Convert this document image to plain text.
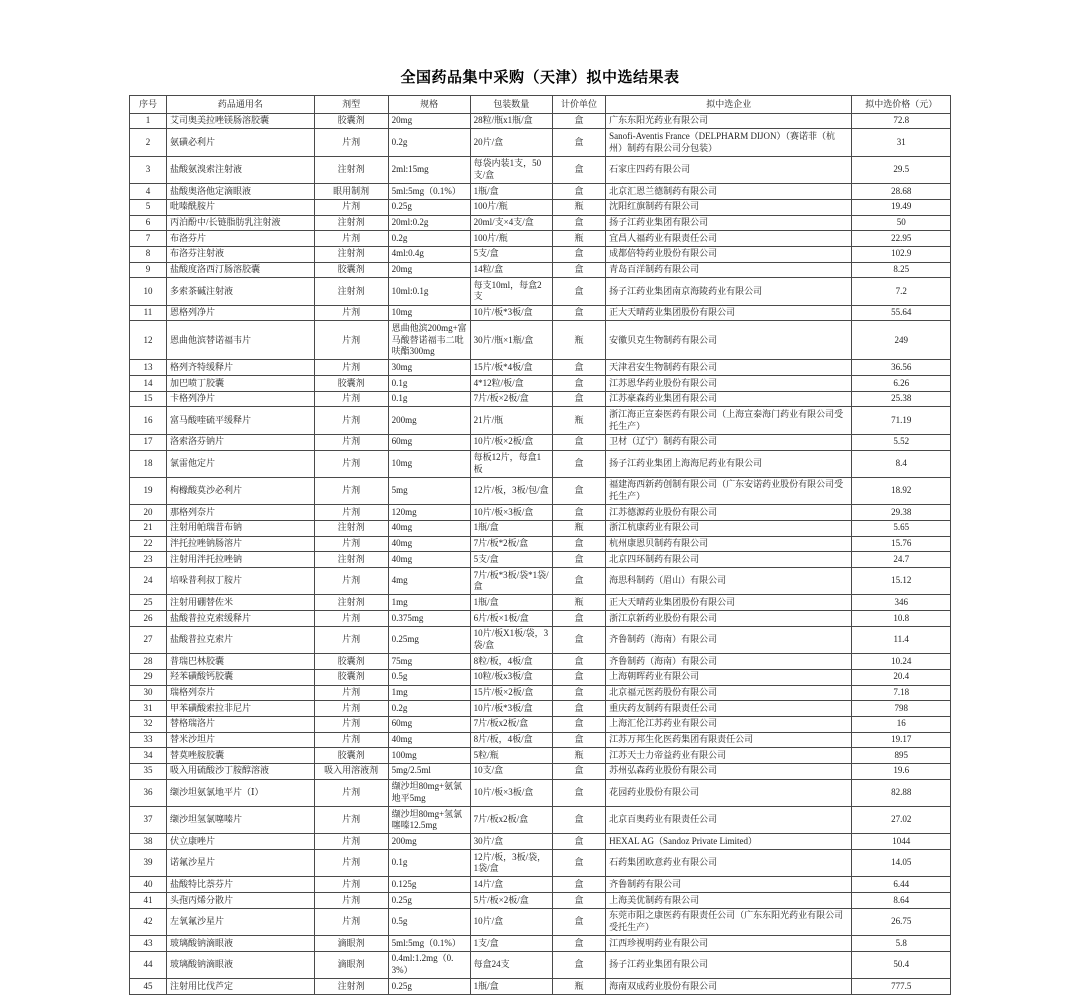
全国药品集中采购（天津）拟中选结果表
序号	药品通用名	剂型	规格	包装数量	计价单位	拟中选企业	拟中选价格（元）
1	艾司奥美拉唑镁肠溶胶囊	胶囊剂	20mg	28粒/瓶x1瓶/盒	盒	广东东阳光药业有限公司	72.8
2	氨磺必利片	片剂	0.2g	20片/盒	盒	Sanofi-Aventis France（DELPHARM DIJON）（赛诺菲（杭州）制药有限公司分包装）	31
3	盐酸氨溴索注射液	注射剂	2ml:15mg	每袋内装1支，50支/盒	盒	石家庄四药有限公司	29.5
4	盐酸奥洛他定滴眼液	眼用制剂	5ml:5mg（0.1%）	1瓶/盒	盒	北京汇恩兰德制药有限公司	28.68
5	吡嗪酰胺片	片剂	0.25g	100片/瓶	瓶	沈阳红旗制药有限公司	19.49
6	丙泊酚中/长链脂肪乳注射液	注射剂	20ml:0.2g	20ml/支×4支/盒	盒	扬子江药业集团有限公司	50
7	布洛芬片	片剂	0.2g	100片/瓶	瓶	宜昌人福药业有限责任公司	22.95
8	布洛芬注射液	注射剂	4ml:0.4g	5支/盒	盒	成都倍特药业股份有限公司	102.9
9	盐酸度洛西汀肠溶胶囊	胶囊剂	20mg	14粒/盒	盒	青岛百洋制药有限公司	8.25
10	多索茶碱注射液	注射剂	10ml:0.1g	每支10ml，每盒2支	盒	扬子江药业集团南京海陵药业有限公司	7.2
11	恩格列净片	片剂	10mg	10片/板*3板/盒	盒	正大天晴药业集团股份有限公司	55.64
12	恩曲他滨替诺福韦片	片剂	恩曲他滨200mg+富马酸替诺福韦二吡呋酯300mg	30片/瓶×1瓶/盒	瓶	安徽贝克生物制药有限公司	249
13	格列齐特缓释片	片剂	30mg	15片/板*4板/盒	盒	天津君安生物制药有限公司	36.56
14	加巴喷丁胶囊	胶囊剂	0.1g	4*12粒/板/盒	盒	江苏恩华药业股份有限公司	6.26
15	卡格列净片	片剂	0.1g	7片/板×2板/盒	盒	江苏豪森药业集团有限公司	25.38
16	富马酸喹硫平缓释片	片剂	200mg	21片/瓶	瓶	浙江海正宣泰医药有限公司（上海宣泰海门药业有限公司受托生产）	71.19
17	洛索洛芬钠片	片剂	60mg	10片/板×2板/盒	盒	卫材（辽宁）制药有限公司	5.52
18	氯雷他定片	片剂	10mg	每板12片，每盒1板	盒	扬子江药业集团上海海尼药业有限公司	8.4
19	枸橼酸莫沙必利片	片剂	5mg	12片/板，3板/包/盒	盒	福建海西新药创制有限公司（广东安诺药业股份有限公司受托生产）	18.92
20	那格列奈片	片剂	120mg	10片/板×3板/盒	盒	江苏德源药业股份有限公司	29.38
21	注射用帕瑞昔布钠	注射剂	40mg	1瓶/盒	瓶	浙江杭康药业有限公司	5.65
22	泮托拉唑钠肠溶片	片剂	40mg	7片/板*2板/盒	盒	杭州康恩贝制药有限公司	15.76
23	注射用泮托拉唑钠	注射剂	40mg	5支/盒	盒	北京四环制药有限公司	24.7
24	培哚普利叔丁胺片	片剂	4mg	7片/板*3板/袋*1袋/盒	盒	海思科制药（眉山）有限公司	15.12
25	注射用硼替佐米	注射剂	1mg	1瓶/盒	瓶	正大天晴药业集团股份有限公司	346
26	盐酸普拉克索缓释片	片剂	0.375mg	6片/板×1板/盒	盒	浙江京新药业股份有限公司	10.8
27	盐酸普拉克索片	片剂	0.25mg	10片/板X1板/袋，3袋/盒	盒	齐鲁制药（海南）有限公司	11.4
28	普瑞巴林胶囊	胶囊剂	75mg	8粒/板，4板/盒	盒	齐鲁制药（海南）有限公司	10.24
29	羟苯磺酸钙胶囊	胶囊剂	0.5g	10粒/板x3板/盒	盒	上海朝晖药业有限公司	20.4
30	瑞格列奈片	片剂	1mg	15片/板×2板/盒	盒	北京福元医药股份有限公司	7.18
31	甲苯磺酸索拉非尼片	片剂	0.2g	10片/板*3板/盒	盒	重庆药友制药有限责任公司	798
32	替格瑞洛片	片剂	60mg	7片/板x2板/盒	盒	上海汇伦江苏药业有限公司	16
33	替米沙坦片	片剂	40mg	8片/板，4板/盒	盒	江苏万邦生化医药集团有限责任公司	19.17
34	替莫唑胺胶囊	胶囊剂	100mg	5粒/瓶	瓶	江苏天士力帝益药业有限公司	895
35	吸入用硫酸沙丁胺醇溶液	吸入用溶液剂	5mg/2.5ml	10支/盒	盒	苏州弘森药业股份有限公司	19.6
36	缬沙坦氨氯地平片（Ⅰ）	片剂	缬沙坦80mg+氨氯地平5mg	10片/板×3板/盒	盒	花园药业股份有限公司	82.88
37	缬沙坦氢氯噻嗪片	片剂	缬沙坦80mg+氢氯噻嗪12.5mg	7片/板x2板/盒	盒	北京百奥药业有限责任公司	27.02
38	伏立康唑片	片剂	200mg	30片/盒	盒	HEXAL AG（Sandoz Private Limited）	1044
39	诺氟沙星片	片剂	0.1g	12片/板，3板/袋，1袋/盒	盒	石药集团欧意药业有限公司	14.05
40	盐酸特比萘芬片	片剂	0.125g	14片/盒	盒	齐鲁制药有限公司	6.44
41	头孢丙烯分散片	片剂	0.25g	5片/板×2板/盒	盒	上海美优制药有限公司	8.64
42	左氧氟沙星片	片剂	0.5g	10片/盒	盒	东莞市阳之康医药有限责任公司（广东东阳光药业有限公司受托生产）	26.75
43	玻璃酸钠滴眼液	滴眼剂	5ml:5mg（0.1%）	1支/盒	盒	江西珍视明药业有限公司	5.8
44	玻璃酸钠滴眼液	滴眼剂	0.4ml:1.2mg（0.3%）	每盒24支	盒	扬子江药业集团有限公司	50.4
45	注射用比伐芦定	注射剂	0.25g	1瓶/盒	瓶	海南双成药业股份有限公司	777.5
